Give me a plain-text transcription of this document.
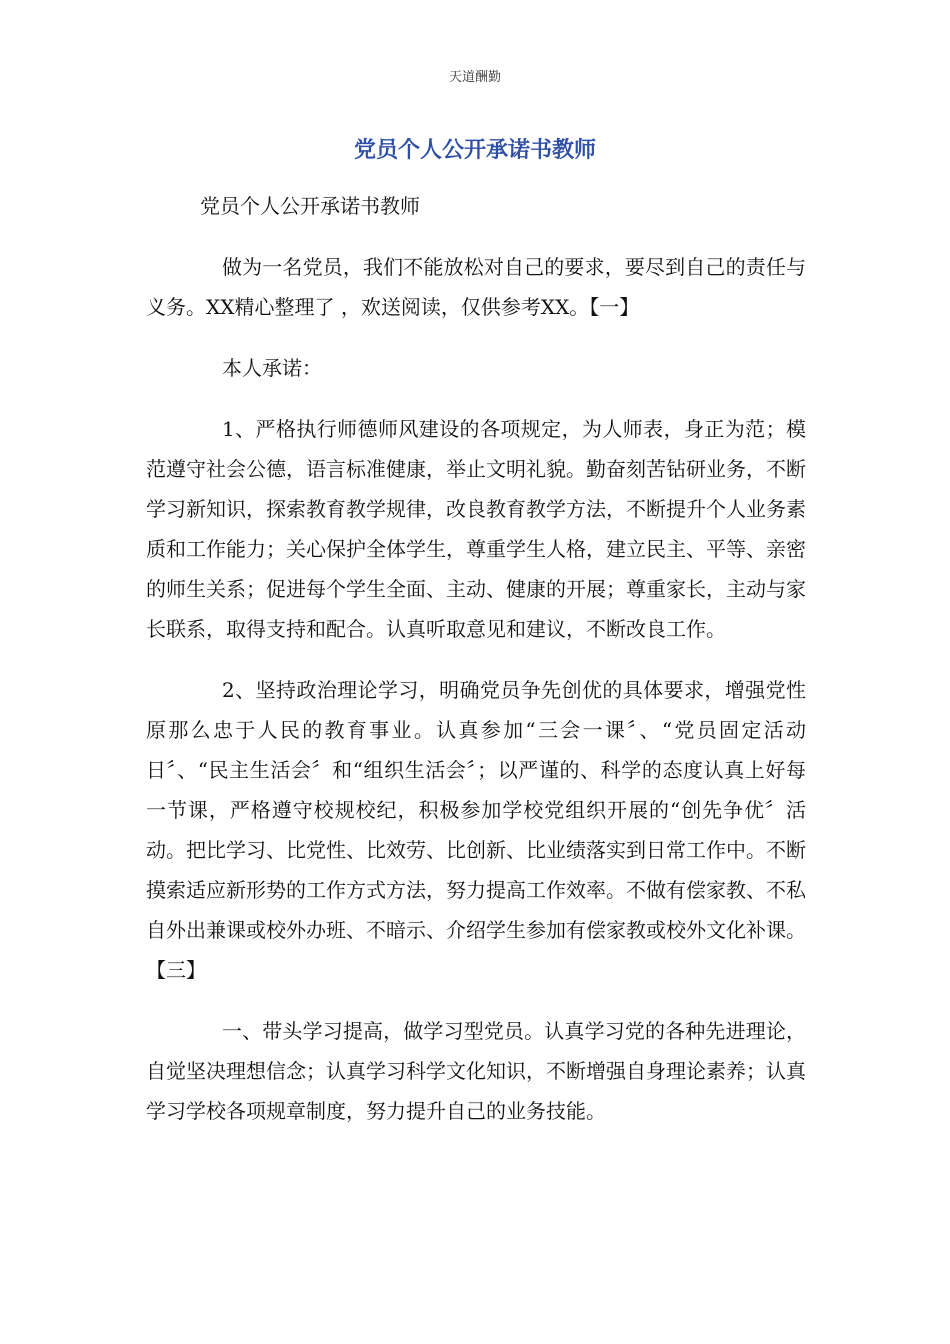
天道酬勤
党员个人公开承诺书教师

党员个人公开承诺书教师

做为一名党员，我们不能放松对自己的要求，要尽到自己的责任与义务。XX精心整理了 ，欢送阅读，仅供参考XX。【一】

本人承诺：

1、严格执行师德师风建设的各项规定，为人师表，身正为范；模范遵守社会公德，语言标准健康，举止文明礼貌。勤奋刻苦钻研业务，不断学习新知识，探索教育教学规律，改良教育教学方法，不断提升个人业务素质和工作能力；关心保护全体学生，尊重学生人格，建立民主、平等、亲密的师生关系；促进每个学生全面、主动、健康的开展；尊重家长，主动与家长联系，取得支持和配合。认真听取意见和建议，不断改良工作。

2、坚持政治理论学习，明确党员争先创优的具体要求，增强党性原那么忠于人民的教育事业。认真参加“三会一课〞、“党员固定活动日〞、“民主生活会〞和“组织生活会〞；以严谨的、科学的态度认真上好每一节课，严格遵守校规校纪，积极参加学校党组织开展的“创先争优〞活动。把比学习、比党性、比效劳、比创新、比业绩落实到日常工作中。不断摸索适应新形势的工作方式方法，努力提高工作效率。不做有偿家教、不私自外出兼课或校外办班、不暗示、介绍学生参加有偿家教或校外文化补课。【三】

一、带头学习提高，做学习型党员。认真学习党的各种先进理论，自觉坚决理想信念；认真学习科学文化知识，不断增强自身理论素养；认真学习学校各项规章制度，努力提升自己的业务技能。
